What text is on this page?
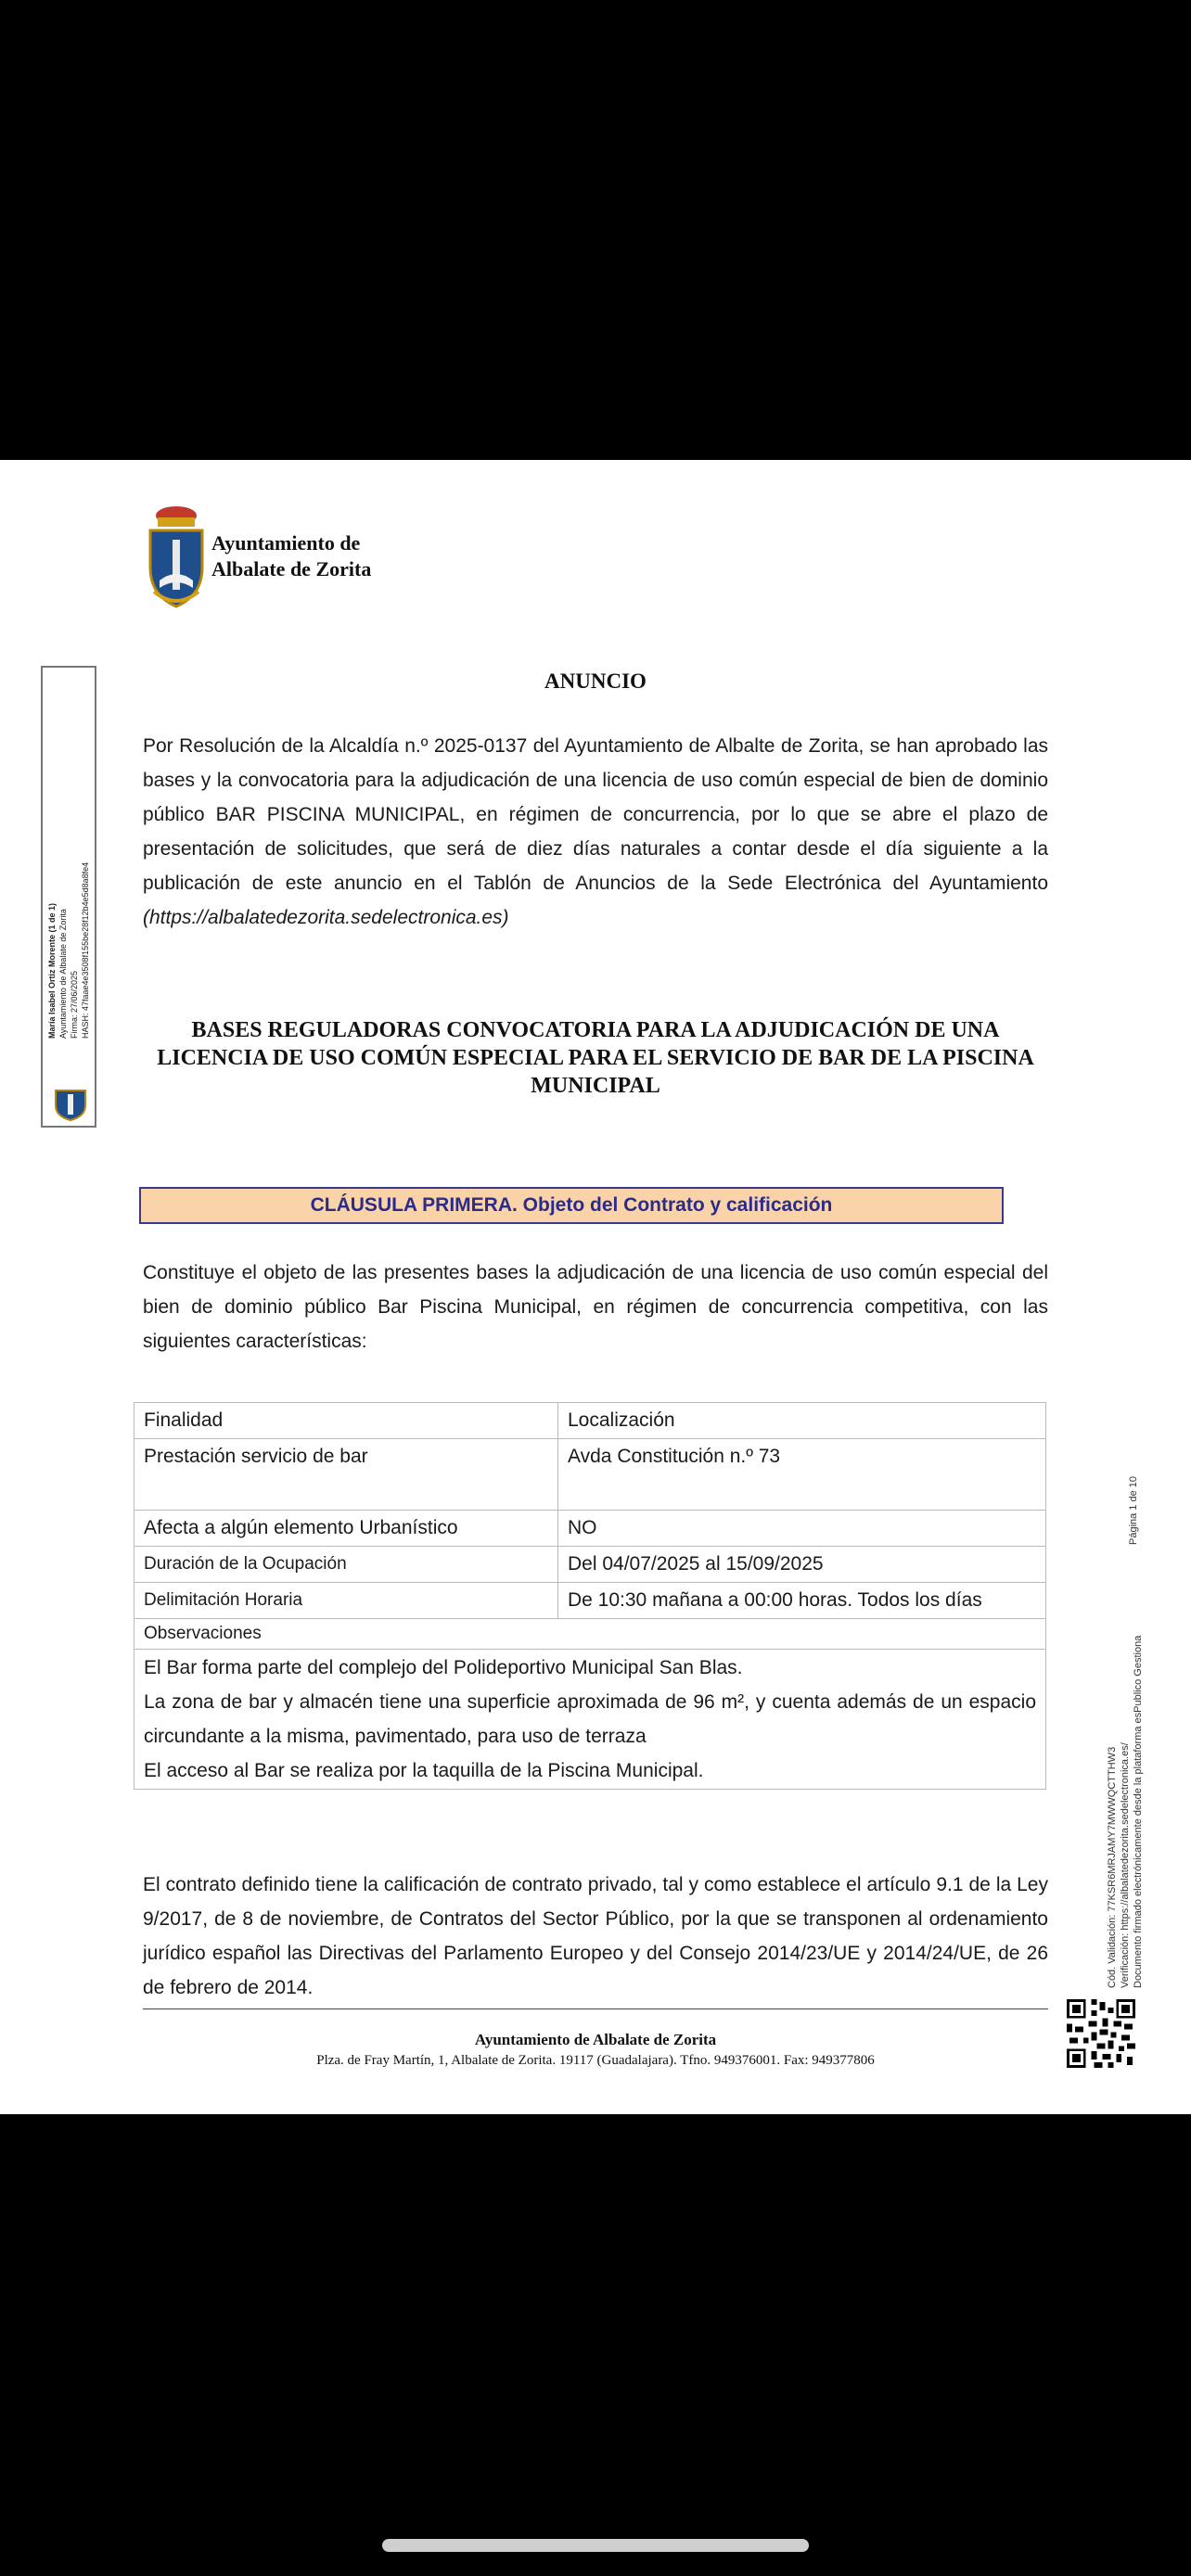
Ayuntamiento de
Albalate de Zorita
María Isabel Ortiz Morente (1 de 1) Ayuntamiento de Albalate de Zorita Firma: 27/06/2025 HASH: 47faae4e3508f155be28f12b4e5d8a8fe4
ANUNCIO

Por Resolución de la Alcaldía n.º 2025-0137 del Ayuntamiento de Albalte de Zorita, se han aprobado las bases y la convocatoria para la adjudicación de una licencia de uso común especial de bien de dominio público BAR PISCINA MUNICIPAL, en régimen de concurrencia, por lo que se abre el plazo de presentación de solicitudes, que será de diez días naturales a contar desde el día siguiente a la publicación de este anuncio en el Tablón de Anuncios de la Sede Electrónica del Ayuntamiento (https://albalatedezorita.sedelectronica.es)

BASES REGULADORAS CONVOCATORIA PARA LA ADJUDICACIÓN DE UNA LICENCIA DE USO COMÚN ESPECIAL PARA EL SERVICIO DE BAR DE LA PISCINA MUNICIPAL
CLÁUSULA PRIMERA. Objeto del Contrato y calificación

Constituye el objeto de las presentes bases la adjudicación de una licencia de uso común especial del bien de dominio público Bar Piscina Municipal, en régimen de concurrencia competitiva, con las siguientes características:

Finalidad	Localización
Prestación servicio de bar	Avda Constitución n.º 73
Afecta a algún elemento Urbanístico	NO
Duración de la Ocupación	Del 04/07/2025 al 15/09/2025
Delimitación Horaria	De 10:30 mañana a 00:00 horas. Todos los días
Observaciones	

El Bar forma parte del complejo del Polideportivo Municipal San Blas.
La zona de bar y almacén tiene una superficie aproximada de 96 m², y cuenta además de un espacio circundante a la misma, pavimentado, para uso de terraza
El acceso al Bar se realiza por la taquilla de la Piscina Municipal.	

El contrato definido tiene la calificación de contrato privado, tal y como establece el artículo 9.1 de la Ley 9/2017, de 8 de noviembre, de Contratos del Sector Público, por la que se transponen al ordenamiento jurídico español las Directivas del Parlamento Europeo y del Consejo 2014/23/UE y 2014/24/UE, de 26 de febrero de 2014.

Ayuntamiento de Albalate de Zorita
Plza. de Fray Martín, 1, Albalate de Zorita. 19117 (Guadalajara). Tfno. 949376001. Fax: 949377806
Cód. Validación: 77KSR6MRJAMY7MWWQCTTHW3 Verificación: https://albalatedezorita.sedelectronica.es/ Documento firmado electrónicamente desde la plataforma esPublico Gestiona
Página 1 de 10
